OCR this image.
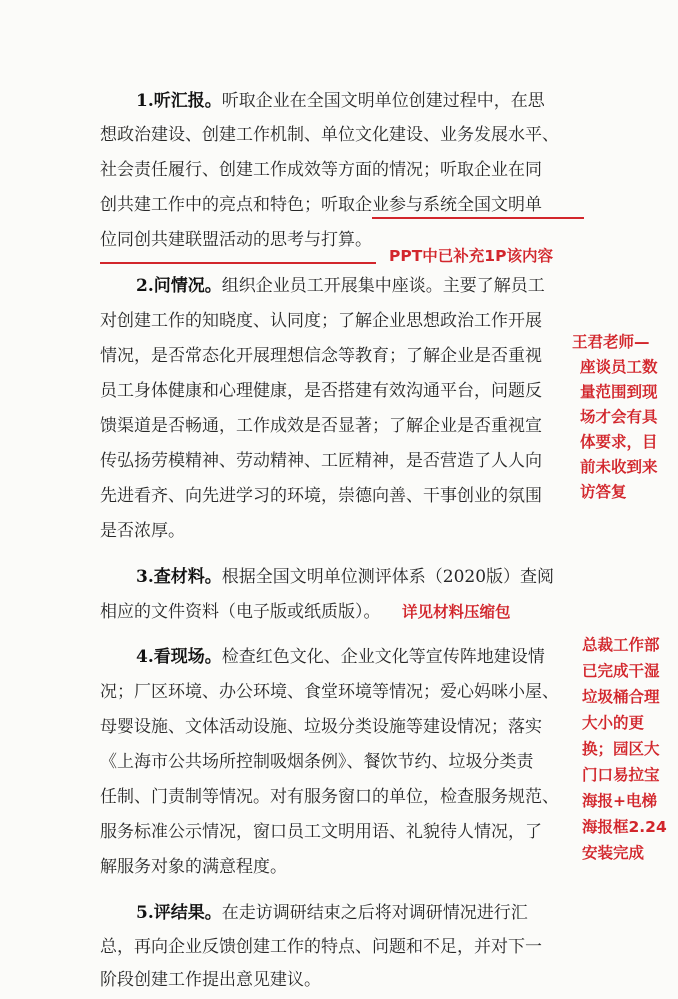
1.听汇报。听取企业在全国文明单位创建过程中，在思

想政治建设、创建工作机制、单位文化建设、业务发展水平、

社会责任履行、创建工作成效等方面的情况；听取企业在同

创共建工作中的亮点和特色；听取企业参与系统全国文明单

位同创共建联盟活动的思考与打算。

PPT中已补充1P该内容

2.问情况。组织企业员工开展集中座谈。主要了解员工

对创建工作的知晓度、认同度；了解企业思想政治工作开展

情况，是否常态化开展理想信念等教育；了解企业是否重视

员工身体健康和心理健康，是否搭建有效沟通平台，问题反

馈渠道是否畅通，工作成效是否显著；了解企业是否重视宣

传弘扬劳模精神、劳动精神、工匠精神，是否营造了人人向

先进看齐、向先进学习的环境，崇德向善、干事创业的氛围

是否浓厚。

王君老师—

座谈员工数

量范围到现

场才会有具

体要求，目

前未收到来

访答复

3.查材料。根据全国文明单位测评体系（2020版）查阅

相应的文件资料（电子版或纸质版）。 详见材料压缩包

4.看现场。检查红色文化、企业文化等宣传阵地建设情

况；厂区环境、办公环境、食堂环境等情况；爱心妈咪小屋、

母婴设施、文体活动设施、垃圾分类设施等建设情况；落实

《上海市公共场所控制吸烟条例》、餐饮节约、垃圾分类责

任制、门责制等情况。对有服务窗口的单位，检查服务规范、

服务标准公示情况，窗口员工文明用语、礼貌待人情况，了

解服务对象的满意程度。

总裁工作部

已完成干湿

垃圾桶合理

大小的更

换；园区大

门口易拉宝

海报+电梯

海报框2.24

安装完成

5.评结果。在走访调研结束之后将对调研情况进行汇

总，再向企业反馈创建工作的特点、问题和不足，并对下一

阶段创建工作提出意见建议。
